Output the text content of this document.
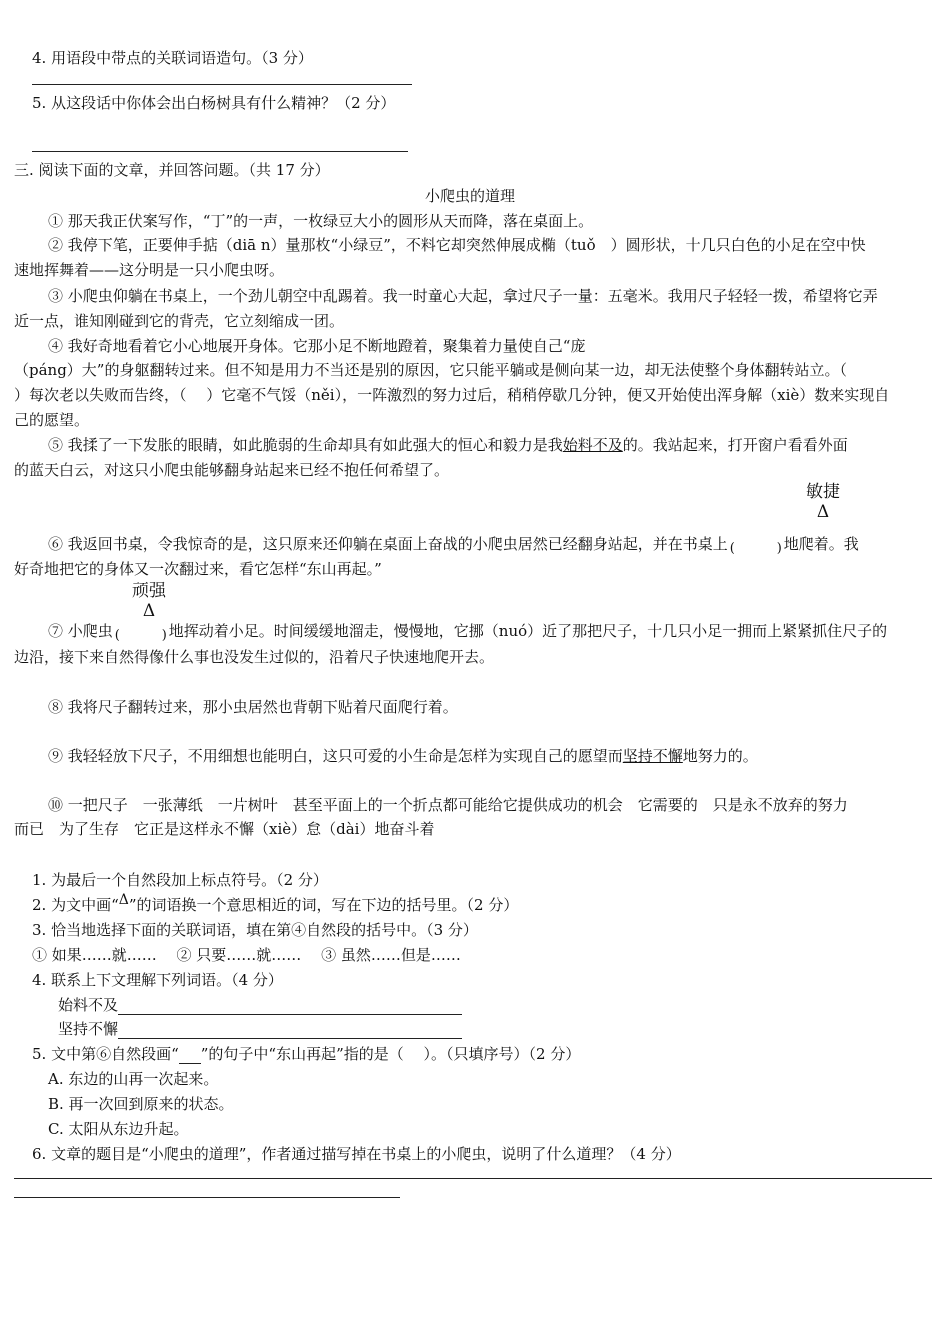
4. 用语段中带点的关联词语造句。（3 分）
5. 从这段话中你体会出白杨树具有什么精神？（2 分）
三. 阅读下面的文章，并回答问题。（共 17 分）
小爬虫的道理
① 那天我正伏案写作，“丁”的一声，一枚绿豆大小的圆形从天而降，落在桌面上。
② 我停下笔，正要伸手掂（diā n）量那枚“小绿豆”，不料它却突然伸展成椭（tuǒ　）圆形状，十几只白色的小足在空中快
速地挥舞着——这分明是一只小爬虫呀。
③ 小爬虫仰躺在书桌上，一个劲儿朝空中乱踢着。我一时童心大起，拿过尺子一量：五毫米。我用尺子轻轻一拨，希望将它弄
近一点，谁知刚碰到它的背壳，它立刻缩成一团。
④ 我好奇地看着它小心地展开身体。它那小足不断地蹬着，聚集着力量使自己“庞
（páng）大”的身躯翻转过来。但不知是用力不当还是别的原因，它只能平躺或是侧向某一边，却无法使整个身体翻转站立。（
）每次老以失败而告终，（　 ）它毫不气馁（něi），一阵激烈的努力过后，稍稍停歇几分钟，便又开始使出浑身解（xiè）数来实现自
己的愿望。
⑤ 我揉了一下发胀的眼睛，如此脆弱的生命却具有如此强大的恒心和毅力是我始料不及的。我站起来，打开窗户看看外面
的蓝天白云，对这只小爬虫能够翻身站起来已经不抱任何希望了。
敏捷
Δ
⑥ 我返回书桌，令我惊奇的是，这只原来还仰躺在桌面上奋战的小爬虫居然已经翻身站起，并在书桌上 (	) 地爬着。我
好奇地把它的身体又一次翻过来，看它怎样“东山再起。”
顽强
Δ
⑦ 小爬虫 (	) 地挥动着小足。时间缓缓地溜走，慢慢地，它挪（nuó）近了那把尺子，十几只小足一拥而上紧紧抓住尺子的
边沿，接下来自然得像什么事也没发生过似的，沿着尺子快速地爬开去。
⑧ 我将尺子翻转过来，那小虫居然也背朝下贴着尺面爬行着。
⑨ 我轻轻放下尺子，不用细想也能明白，这只可爱的小生命是怎样为实现自己的愿望而坚持不懈地努力的。
⑩ 一把尺子　一张薄纸　一片树叶　甚至平面上的一个折点都可能给它提供成功的机会　它需要的　只是永不放弃的努力
而已　为了生存　它正是这样永不懈（xiè）怠（dài）地奋斗着
1. 为最后一个自然段加上标点符号。（2 分）
2. 为文中画“Δ”的词语换一个意思相近的词，写在下边的括号里。（2 分）
3. 恰当地选择下面的关联词语，填在第④自然段的括号中。（3 分）
① 如果……就……　 ② 只要……就……　 ③ 虽然……但是……
4. 联系上下文理解下列词语。（4 分）
始料不及
坚持不懈
5. 文中第⑥自然段画“ ”的句子中“东山再起”指的是（　 ）。（只填序号）（2 分）
A. 东边的山再一次起来。
B. 再一次回到原来的状态。
C. 太阳从东边升起。
6. 文章的题目是“小爬虫的道理”，作者通过描写掉在书桌上的小爬虫，说明了什么道理？（4 分）
